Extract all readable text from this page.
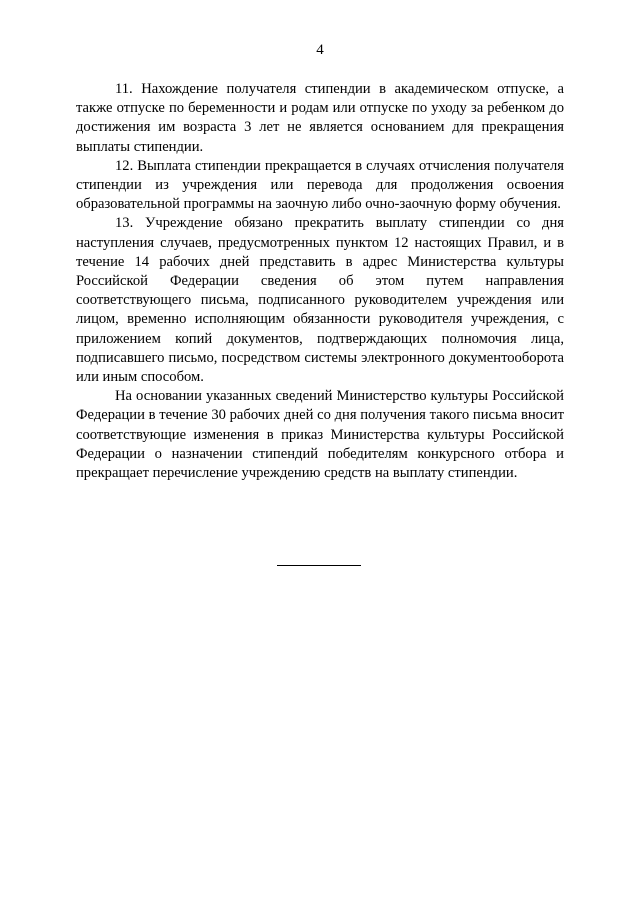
4

11. Нахождение получателя стипендии в академическом отпуске, а также отпуске по беременности и родам или отпуске по уходу за ребенком до достижения им возраста 3 лет не является основанием для прекращения выплаты стипендии.

12. Выплата стипендии прекращается в случаях отчисления получателя стипендии из учреждения или перевода для продолжения освоения образовательной программы на заочную либо очно-заочную форму обучения.

13. Учреждение обязано прекратить выплату стипендии со дня наступления случаев, предусмотренных пунктом 12 настоящих Правил, и в течение 14 рабочих дней представить в адрес Министерства культуры Российской Федерации сведения об этом путем направления соответствующего письма, подписанного руководителем учреждения или лицом, временно исполняющим обязанности руководителя учреждения, с приложением копий документов, подтверждающих полномочия лица, подписавшего письмо, посредством системы электронного документооборота или иным способом.

На основании указанных сведений Министерство культуры Российской Федерации в течение 30 рабочих дней со дня получения такого письма вносит соответствующие изменения в приказ Министерства культуры Российской Федерации о назначении стипендий победителям конкурсного отбора и прекращает перечисление учреждению средств на выплату стипендии.
